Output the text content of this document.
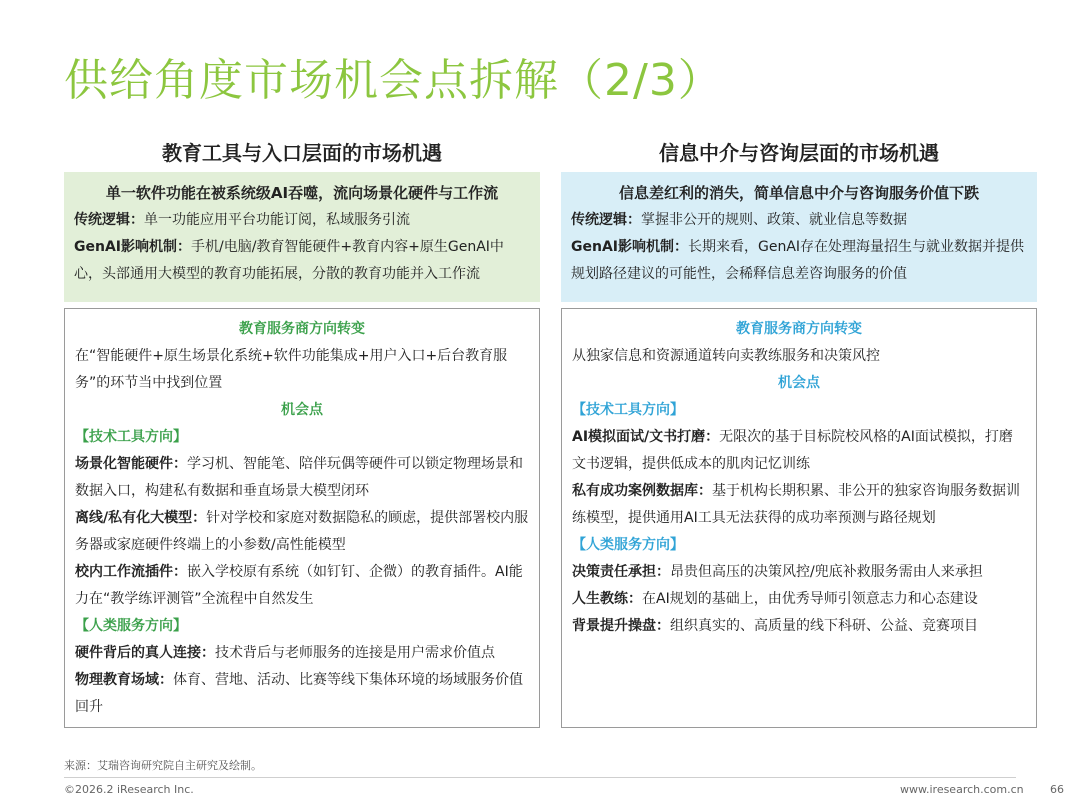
供给角度市场机会点拆解（2/3）
教育工具与入口层面的市场机遇	信息中介与咨询层面的市场机遇
单一软件功能在被系统级AI吞噬，流向场景化硬件与工作流

传统逻辑：单一功能应用平台功能订阅，私域服务引流

GenAI影响机制：手机/电脑/教育智能硬件+教育内容+原生GenAI中心，头部通用大模型的教育功能拓展，分散的教育功能并入工作流

信息差红利的消失，简单信息中介与咨询服务价值下跌

传统逻辑：掌握非公开的规则、政策、就业信息等数据

GenAI影响机制：长期来看，GenAI存在处理海量招生与就业数据并提供规划路径建议的可能性，会稀释信息差咨询服务的价值

教育服务商方向转变

在“智能硬件+原生场景化系统+软件功能集成+用户入口+后台教育服务”的环节当中找到位置

机会点

【技术工具方向】

场景化智能硬件：学习机、智能笔、陪伴玩偶等硬件可以锁定物理场景和数据入口，构建私有数据和垂直场景大模型闭环

离线/私有化大模型：针对学校和家庭对数据隐私的顾虑，提供部署校内服务器或家庭硬件终端上的小参数/高性能模型

校内工作流插件：嵌入学校原有系统（如钉钉、企微）的教育插件。AI能力在“教学练评测管”全流程中自然发生

【人类服务方向】

硬件背后的真人连接：技术背后与老师服务的连接是用户需求价值点

物理教育场域：体育、营地、活动、比赛等线下集体环境的场域服务价值回升

教育服务商方向转变

从独家信息和资源通道转向卖教练服务和决策风控

机会点

【技术工具方向】

AI模拟面试/文书打磨：无限次的基于目标院校风格的AI面试模拟，打磨文书逻辑，提供低成本的肌肉记忆训练

私有成功案例数据库：基于机构长期积累、非公开的独家咨询服务数据训练模型，提供通用AI工具无法获得的成功率预测与路径规划

【人类服务方向】

决策责任承担：昂贵但高压的决策风控/兜底补救服务需由人来承担

人生教练：在AI规划的基础上，由优秀导师引领意志力和心态建设

背景提升操盘：组织真实的、高质量的线下科研、公益、竞赛项目

来源：艾瑞咨询研究院自主研究及绘制。
©2026.2 iResearch Inc.	www.iresearch.com.cn 66
